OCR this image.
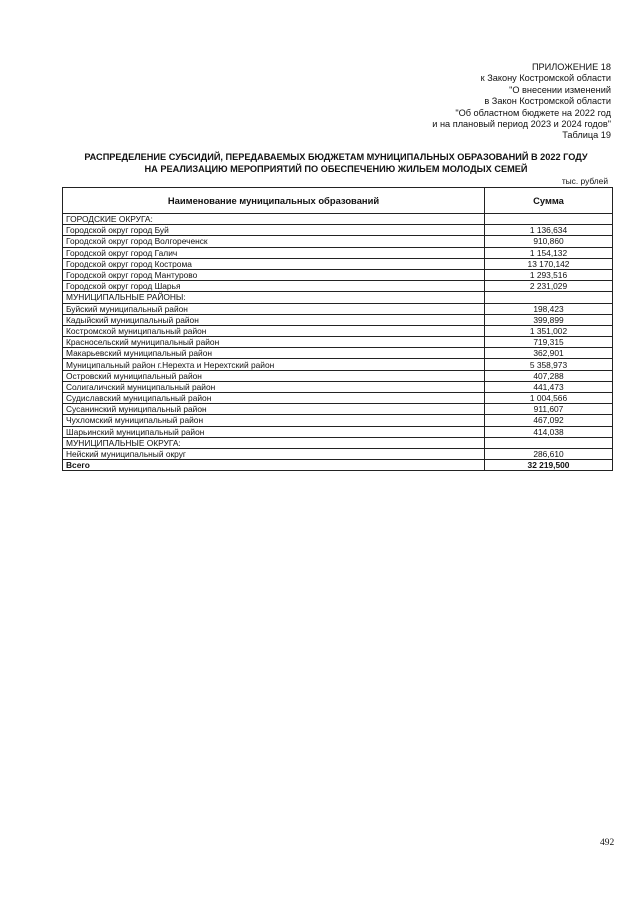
ПРИЛОЖЕНИЕ 18
к Закону Костромской области
"О внесении изменений
в Закон Костромской области
"Об областном бюджете на 2022 год
и на плановый период 2023 и 2024 годов"
Таблица 19
РАСПРЕДЕЛЕНИЕ СУБСИДИЙ, ПЕРЕДАВАЕМЫХ БЮДЖЕТАМ МУНИЦИПАЛЬНЫХ ОБРАЗОВАНИЙ В 2022 ГОДУ
НА РЕАЛИЗАЦИЮ МЕРОПРИЯТИЙ ПО ОБЕСПЕЧЕНИЮ ЖИЛЬЕМ МОЛОДЫХ СЕМЕЙ
тыс. рублей
Наименование муниципальных образований	Сумма
ГОРОДСКИЕ ОКРУГА:	
Городской округ город Буй	1 136,634
Городской округ город Волгореченск	910,860
Городской округ город Галич	1 154,132
Городской округ город Кострома	13 170,142
Городской округ город Мантурово	1 293,516
Городской округ город Шарья	2 231,029
МУНИЦИПАЛЬНЫЕ РАЙОНЫ:	
Буйский муниципальный район	198,423
Кадыйский муниципальный район	399,899
Костромской муниципальный район	1 351,002
Красносельский муниципальный район	719,315
Макарьевский муниципальный район	362,901
Муниципальный район г.Нерехта и Нерехтский район	5 358,973
Островский муниципальный район	407,288
Солигаличский муниципальный район	441,473
Судиславский муниципальный район	1 004,566
Сусанинский муниципальный район	911,607
Чухломский муниципальный район	467,092
Шарьинский муниципальный район	414,038
МУНИЦИПАЛЬНЫЕ ОКРУГА:	
Нейский муниципальный округ	286,610
Всего	32 219,500
492
